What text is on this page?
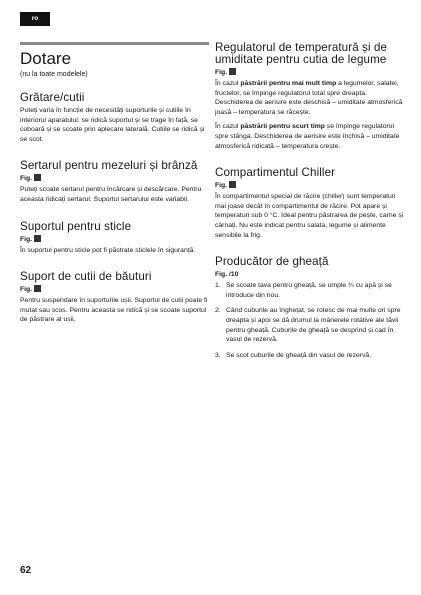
ro
Dotare

(nu la toate modelele)

Grătare/cutii

Puteți varia în funcție de necesități suporturile și cutiile în interiorul aparatului: se ridică suportul și se trage în față, se coboară și se scoate prin aplecare laterală. Cutiile se ridică și se scot.

Sertarul pentru mezeluri și brânză
Fig.

Puteți scoate sertarul pentru încărcare și descărcare. Pentru aceasta ridicați sertarul. Suportul sertarului este variabil.

Suportul pentru sticle
Fig.

În suportul pentru sticle pot fi păstrate sticlele în siguranță.

Suport de cutii de băuturi
Fig.

Pentru suspendare în suporturile ușii. Suportul de cutii poate fi mutat sau scos. Pentru aceasta se ridică și se scoate suportul de păstrare al ușii.

Regulatorul de temperatură și de umiditate pentru cutia de legume
Fig.

În cazul păstrării pentru mai mult timp a legumelor, salatei, fructelor, se împinge regulatorul total spre dreapta. Deschiderea de aerisire este deschisă – umiditate atmosferică joasă – temperatura se răcește.

În cazul păstrării pentru scurt timp se împinge regulatorul spre stânga. Deschiderea de aerisire este închisă – umiditate atmosferică ridicată – temperatura crește.

Compartimentul Chiller
Fig.

În compartimentul special de răcire (chiller) sunt temperaturi mai joase decât în compartimentul de răcire. Pot apare și temperaturi sub 0 °C. Ideal pentru păstrarea de pește, carne și cârnați. Nu este indicat pentru salata, legume și alimente sensibile la frig.

Producător de gheață
Fig. /10
1. Se scoate tava pentru gheață, se umple ¾ cu apă și se introduce din nou.
2. Când cuburile au înghețat, se rotesc de mai multe ori spre dreapta și apoi se dă drumul la mânerele rotative ale tăvii pentru gheață. Cuburile de gheață se desprind și cad în vasul de rezervă.
3. Se scot cuburile de gheață din vasul de rezervă.
62
